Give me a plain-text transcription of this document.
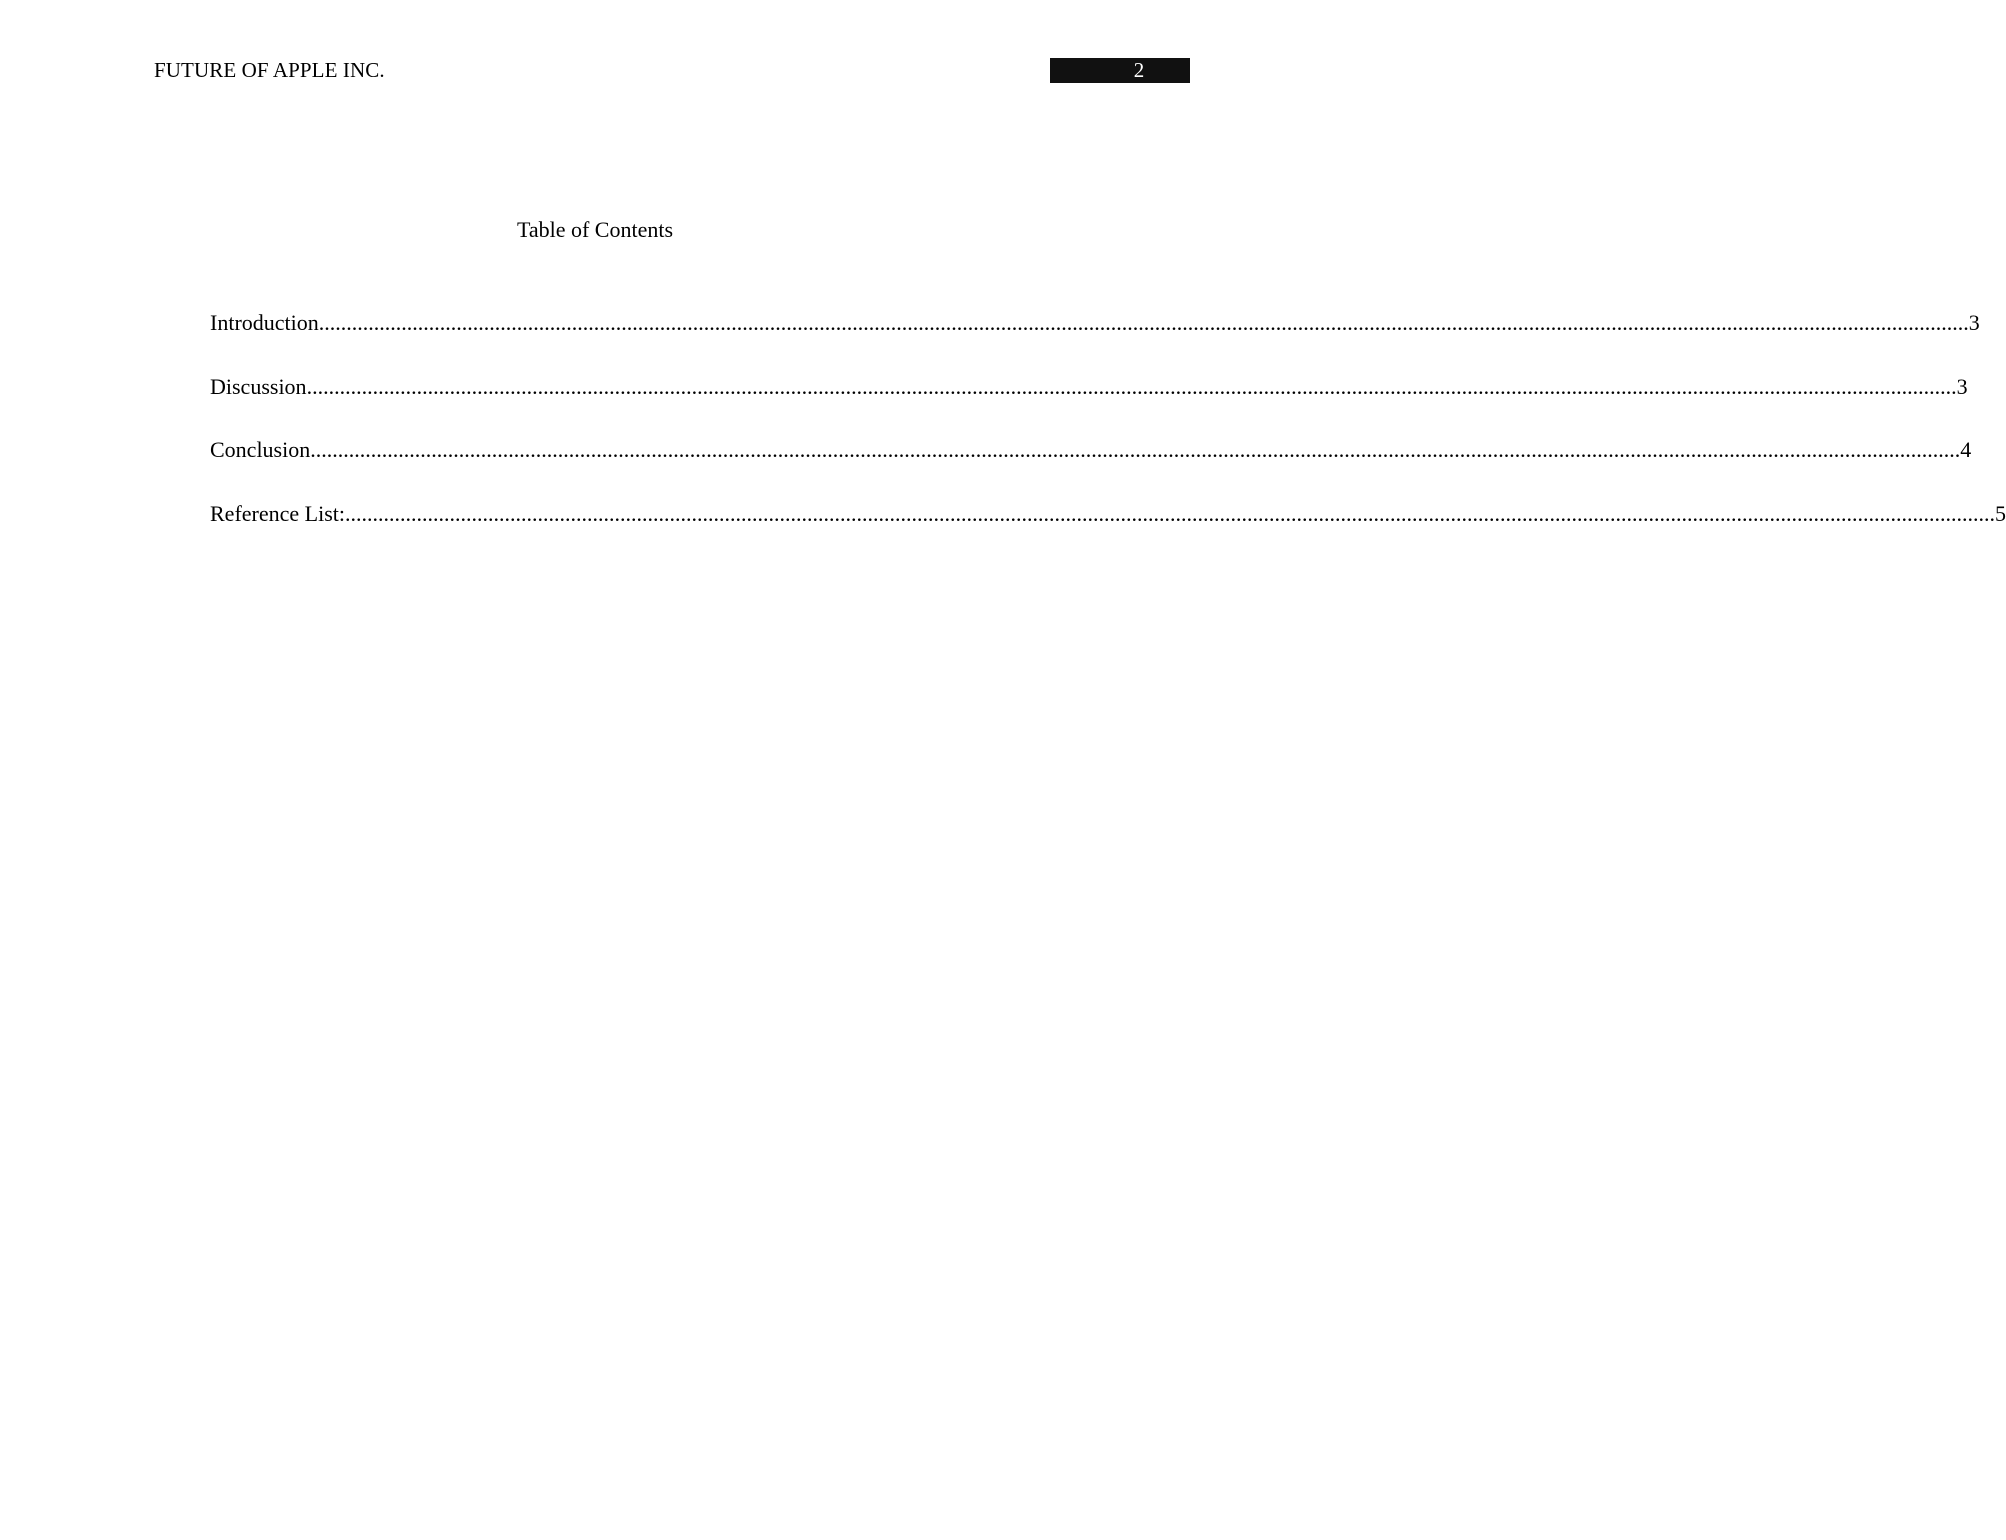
FUTURE OF APPLE INC.	2
Table of Contents
Introduction ............................................................................................................................................................................................................................................................................................................ 3
Discussion ............................................................................................................................................................................................................................................................................................................ 3
Conclusion ............................................................................................................................................................................................................................................................................................................ 4
Reference List: ............................................................................................................................................................................................................................................................................................................ 5
